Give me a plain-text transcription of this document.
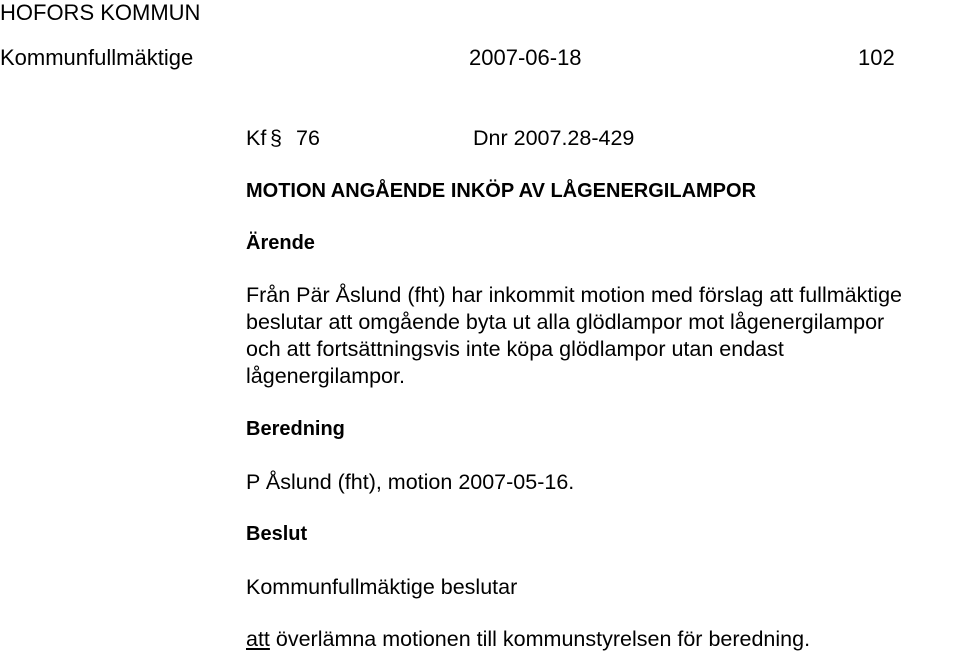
HOFORS KOMMUN
Kommunfullmäktige	2007-06-18	102
Kf § 76	Dnr 2007.28-429
MOTION ANGÅENDE INKÖP AV LÅGENERGILAMPOR
Ärende
Från Pär Åslund (fht) har inkommit motion med förslag att fullmäktige
beslutar att omgående byta ut alla glödlampor mot lågenergilampor
och att fortsättningsvis inte köpa glödlampor utan endast
lågenergilampor.
Beredning
P Åslund (fht), motion 2007-05-16.
Beslut
Kommunfullmäktige beslutar
att överlämna motionen till kommunstyrelsen för beredning.
